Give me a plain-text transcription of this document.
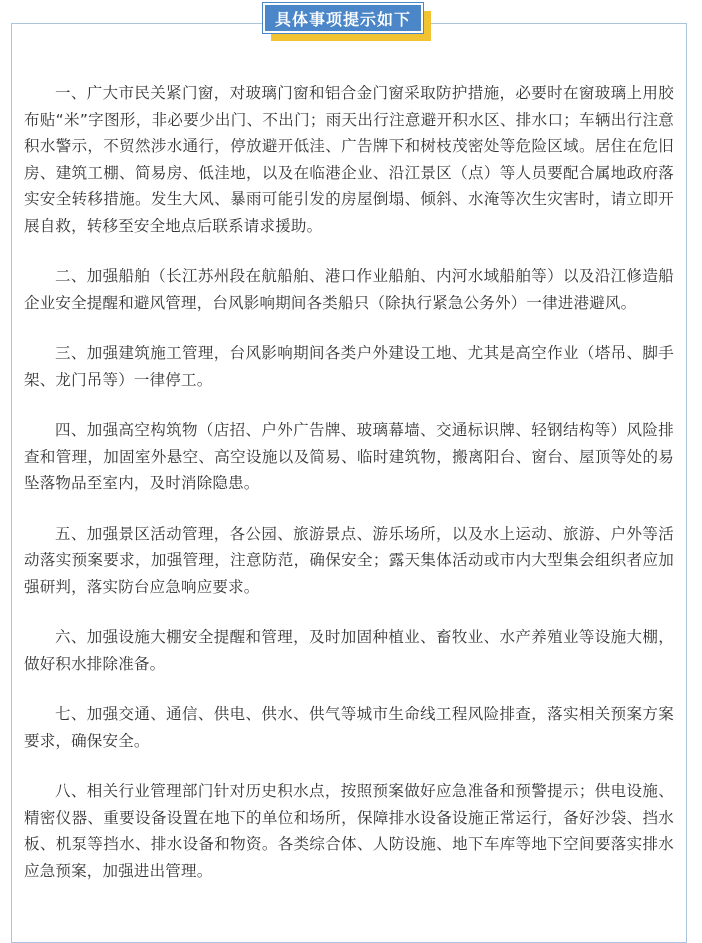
具体事项提示如下

一、广大市民关紧门窗，对玻璃门窗和铝合金门窗采取防护措施，必要时在窗玻璃上用胶布贴“米”字图形，非必要少出门、不出门；雨天出行注意避开积水区、排水口；车辆出行注意积水警示，不贸然涉水通行，停放避开低洼、广告牌下和树枝茂密处等危险区域。居住在危旧房、建筑工棚、简易房、低洼地，以及在临港企业、沿江景区（点）等人员要配合属地政府落实安全转移措施。发生大风、暴雨可能引发的房屋倒塌、倾斜、水淹等次生灾害时，请立即开展自救，转移至安全地点后联系请求援助。

二、加强船舶（长江苏州段在航船舶、港口作业船舶、内河水域船舶等）以及沿江修造船企业安全提醒和避风管理，台风影响期间各类船只（除执行紧急公务外）一律进港避风。

三、加强建筑施工管理，台风影响期间各类户外建设工地、尤其是高空作业（塔吊、脚手架、龙门吊等）一律停工。

四、加强高空构筑物（店招、户外广告牌、玻璃幕墙、交通标识牌、轻钢结构等）风险排查和管理，加固室外悬空、高空设施以及简易、临时建筑物，搬离阳台、窗台、屋顶等处的易坠落物品至室内，及时消除隐患。

五、加强景区活动管理，各公园、旅游景点、游乐场所，以及水上运动、旅游、户外等活动落实预案要求，加强管理，注意防范，确保安全；露天集体活动或市内大型集会组织者应加强研判，落实防台应急响应要求。

六、加强设施大棚安全提醒和管理，及时加固种植业、畜牧业、水产养殖业等设施大棚，做好积水排除准备。

七、加强交通、通信、供电、供水、供气等城市生命线工程风险排查，落实相关预案方案要求，确保安全。

八、相关行业管理部门针对历史积水点，按照预案做好应急准备和预警提示；供电设施、精密仪器、重要设备设置在地下的单位和场所，保障排水设备设施正常运行，备好沙袋、挡水板、机泵等挡水、排水设备和物资。各类综合体、人防设施、地下车库等地下空间要落实排水应急预案，加强进出管理。
